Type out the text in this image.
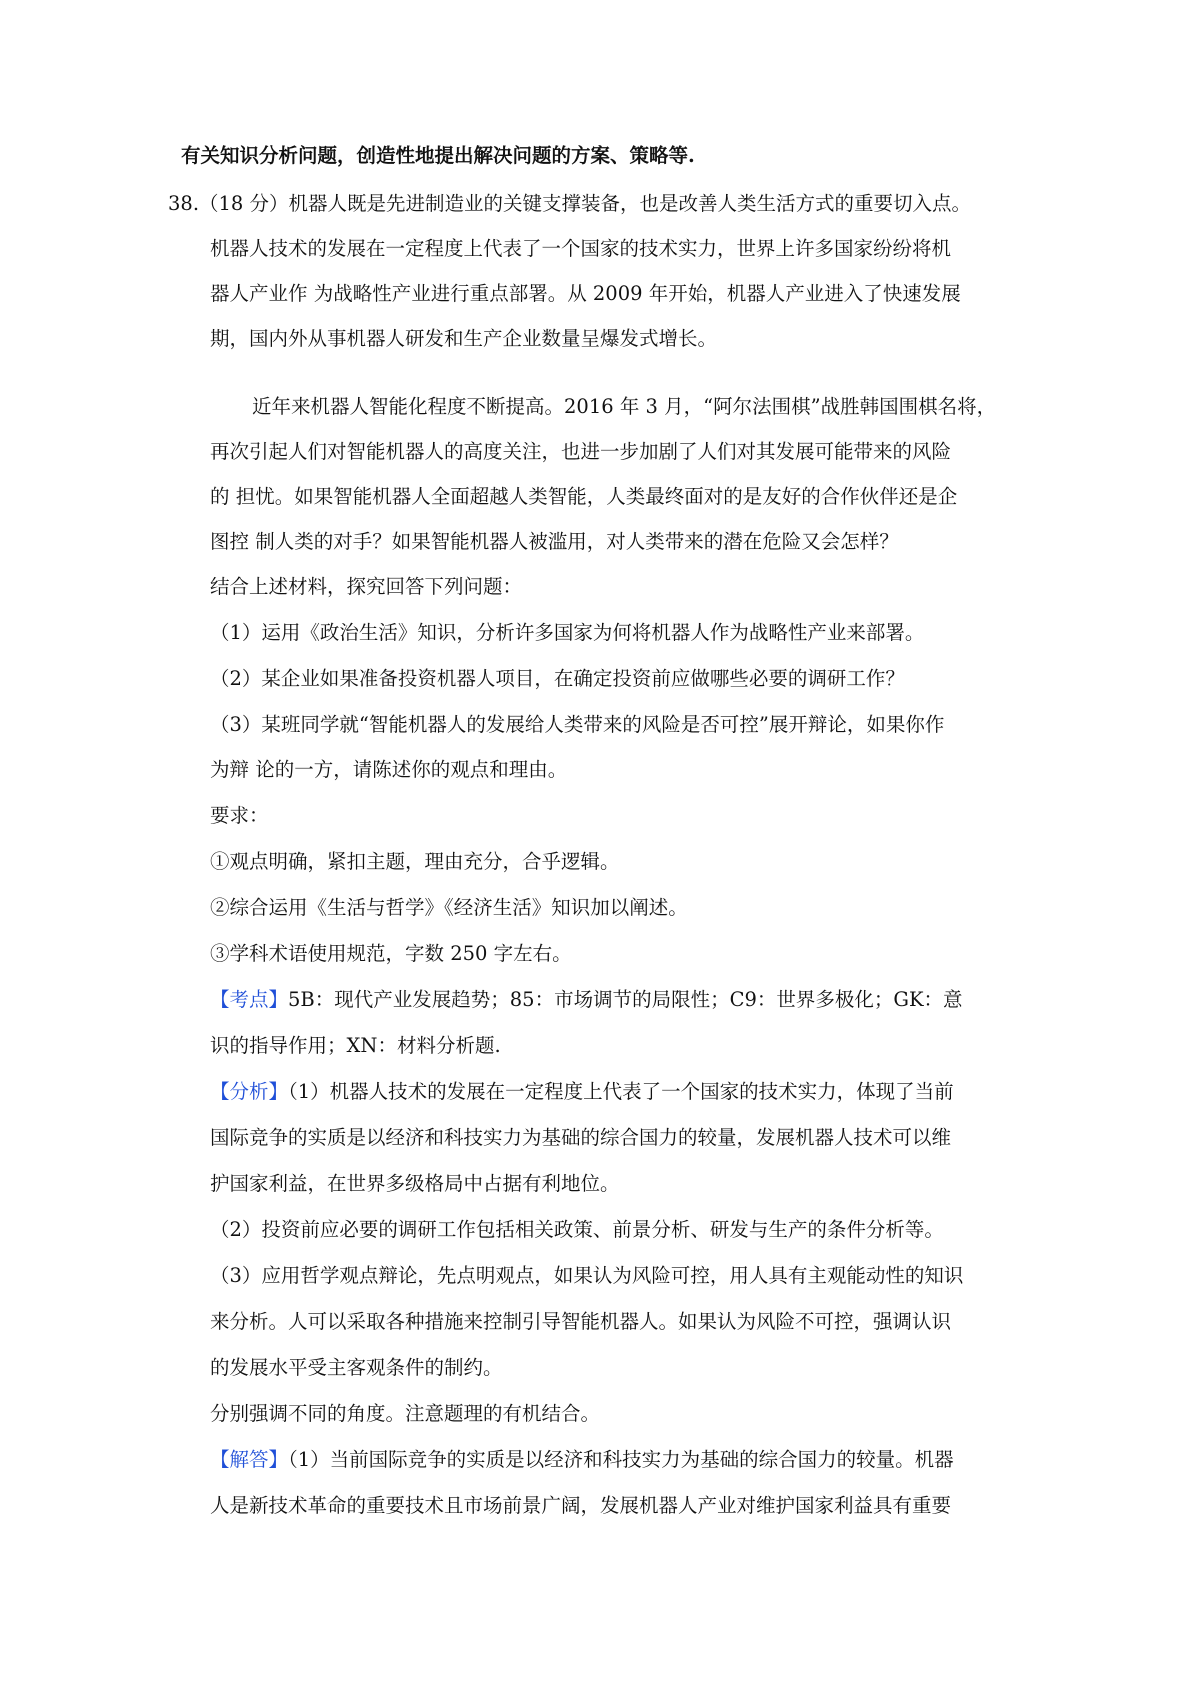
有关知识分析问题，创造性地提出解决问题的方案、策略等.
38.（18 分）机器人既是先进制造业的关键支撑装备，也是改善人类生活方式的重要切入点。
机器人技术的发展在一定程度上代表了一个国家的技术实力，世界上许多国家纷纷将机
器人产业作 为战略性产业进行重点部署。从 2009 年开始，机器人产业进入了快速发展
期，国内外从事机器人研发和生产企业数量呈爆发式增长。
近年来机器人智能化程度不断提高。2016 年 3 月，“阿尔法围棋”战胜韩国围棋名将，
再次引起人们对智能机器人的高度关注，也进一步加剧了人们对其发展可能带来的风险
的 担忧。如果智能机器人全面超越人类智能，人类最终面对的是友好的合作伙伴还是企
图控 制人类的对手？如果智能机器人被滥用，对人类带来的潜在危险又会怎样？
结合上述材料，探究回答下列问题：
（1）运用《政治生活》知识，分析许多国家为何将机器人作为战略性产业来部署。
（2）某企业如果准备投资机器人项目，在确定投资前应做哪些必要的调研工作？
（3）某班同学就“智能机器人的发展给人类带来的风险是否可控”展开辩论，如果你作
为辩 论的一方，请陈述你的观点和理由。
要求：
①观点明确，紧扣主题，理由充分，合乎逻辑。
②综合运用《生活与哲学》《经济生活》知识加以阐述。
③学科术语使用规范，字数 250 字左右。
【考点】5B：现代产业发展趋势；85：市场调节的局限性；C9：世界多极化；GK：意
识的指导作用；XN：材料分析题.
【分析】（1）机器人技术的发展在一定程度上代表了一个国家的技术实力，体现了当前
国际竞争的实质是以经济和科技实力为基础的综合国力的较量，发展机器人技术可以维
护国家利益，在世界多级格局中占据有利地位。
（2）投资前应必要的调研工作包括相关政策、前景分析、研发与生产的条件分析等。
（3）应用哲学观点辩论，先点明观点，如果认为风险可控，用人具有主观能动性的知识
来分析。人可以采取各种措施来控制引导智能机器人。如果认为风险不可控，强调认识
的发展水平受主客观条件的制约。
分别强调不同的角度。注意题理的有机结合。
【解答】（1）当前国际竞争的实质是以经济和科技实力为基础的综合国力的较量。机器
人是新技术革命的重要技术且市场前景广阔，发展机器人产业对维护国家利益具有重要
